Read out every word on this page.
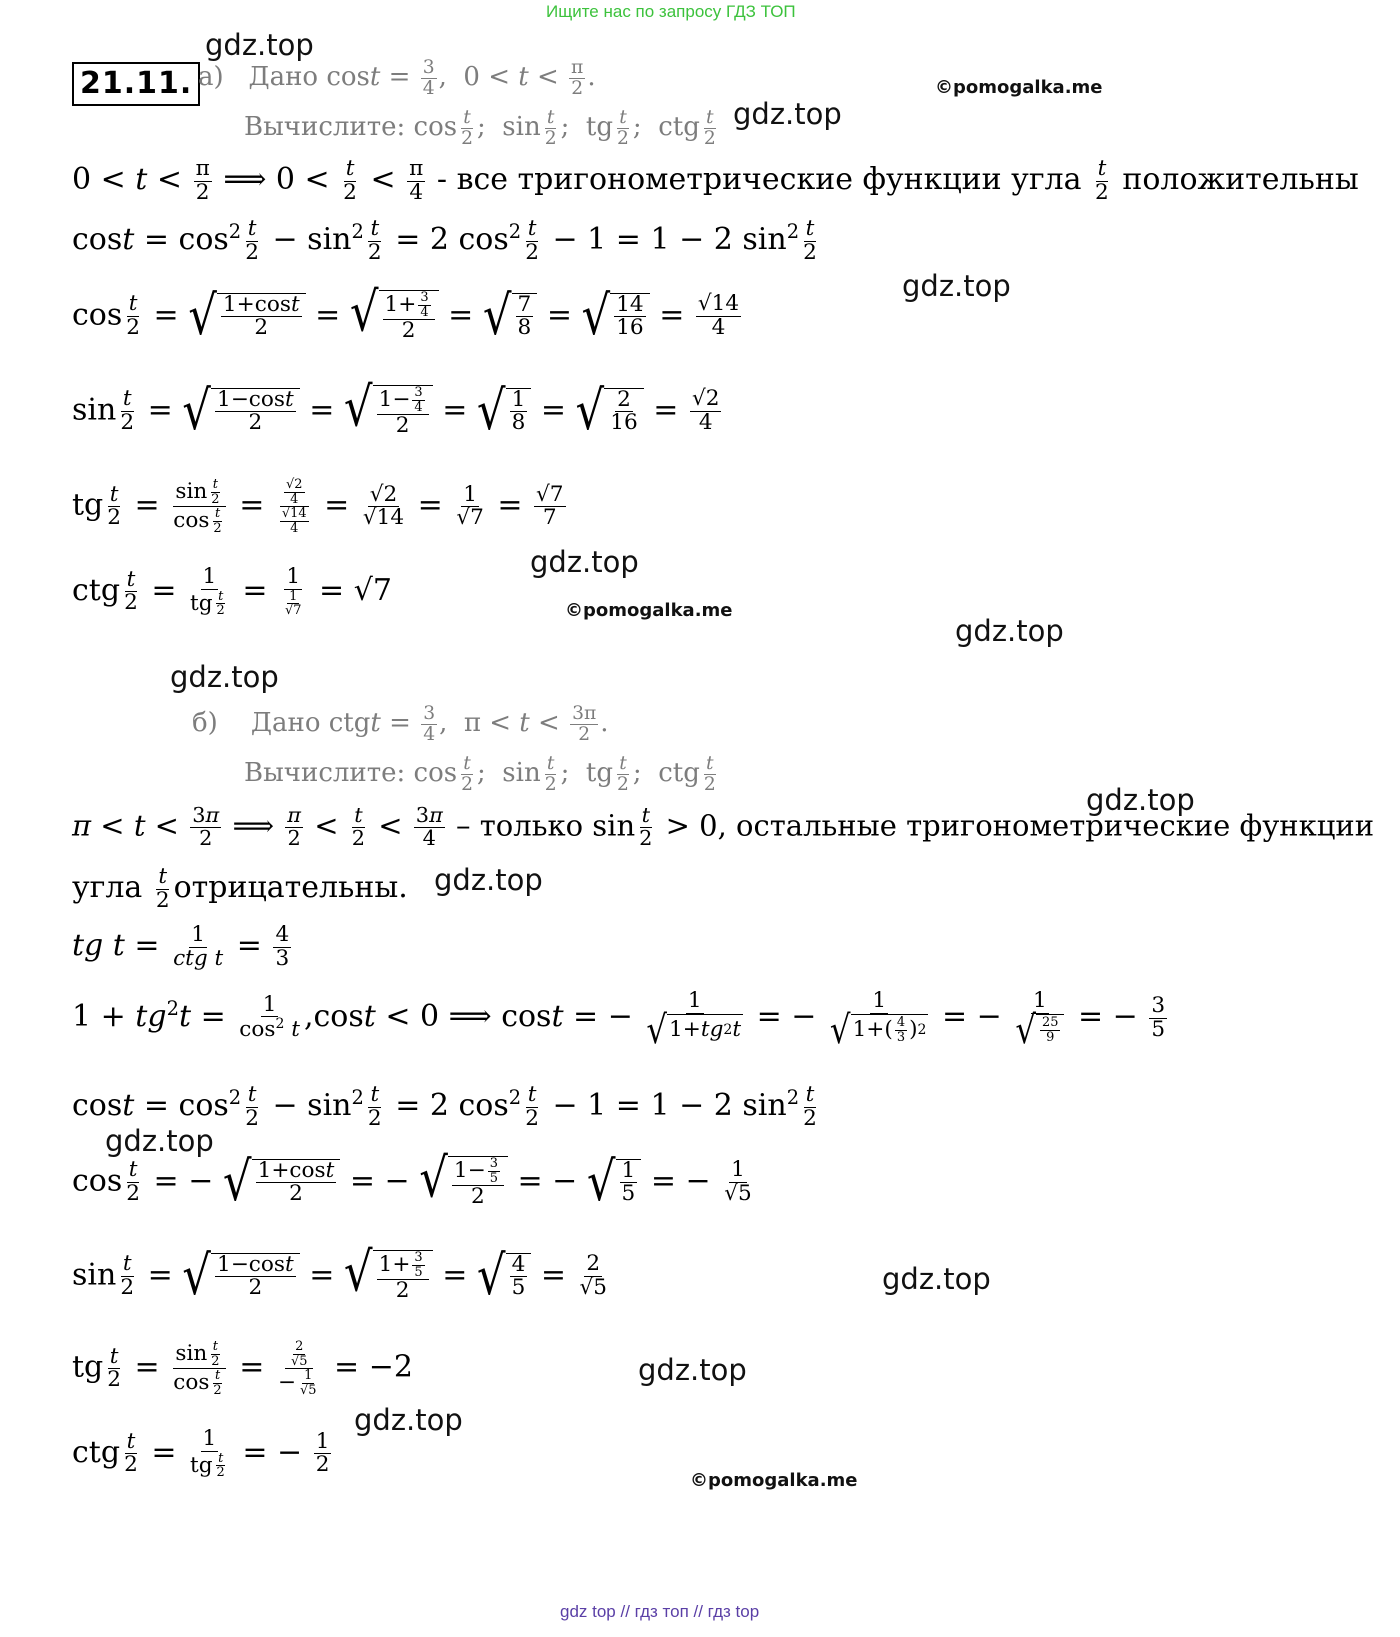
Ищите нас по запросу ГДЗ ТОП
21.11.
gdz.top
gdz.top
gdz.top
gdz.top
gdz.top
gdz.top
gdz.top
gdz.top
gdz.top
gdz.top
gdz.top
gdz.top
©pomogalka.me
©pomogalka.me
©pomogalka.me
а) Дано $\cos t = \frac{3}{4}$ ,  $0 < t < \frac{\pi}{2}$ .
Вычислите: $\cos \frac{t}{2}$ ;  $\sin \frac{t}{2}$ ;  tg $\frac{t}{2}$ ;  ctg $\frac{t}{2}$
$0 < t < \frac{\pi}{2}$ ⟹ $0 < \frac{t}{2} < \frac{\pi}{4}$ - все тригонометрические функции угла $\frac{t}{2}$ положительны
$\cos t = \cos^2 \frac{t}{2} - \sin^2 \frac{t}{2} = 2$ $\cos^2 \frac{t}{2} - 1 = 1 - 2$ $\sin^2 \frac{t}{2}$
$\cos \frac{t}{2}$ = √ 1+cost
2 = √ $1+ \frac{3}{4}$
2 = √ 7
8 = √ 14
$16 = \frac{√14}{4}$
$\sin \frac{t}{2}$ = √ 1−cost
2 = √ $1- \frac{3}{4}$
2 = √ 1
8 = √ 2
$16 = \frac{√2}{4}$
tg $\frac{t}{2} = \frac{\sin \frac{t}{2}}{\cos \frac{t}{2}} = \frac{\frac{√2}{4}}{\frac{√14}{4}} = \frac{√2}{√14} = \frac{1}{√7} = \frac{√7}{7}$
ctg $\frac{t}{2} = 1$
tg $\frac{t}{2} = \frac{1}{\frac{1}{√7}} = √7$
б) Дано ctgt = $\frac{3}{4}$ ,  $\pi < t < \frac{3\pi}{2}$ .
Вычислите: $\cos \frac{t}{2}$ ;  $\sin \frac{t}{2}$ ;  tg $\frac{t}{2}$ ;  ctg $\frac{t}{2}$
$\pi < t < \frac{3\pi}{2}$ ⟹ $\frac{\pi}{2} < \frac{t}{2} < \frac{3\pi}{4}$ – только $\sin \frac{t}{2} > 0$, остальные тригонометрические функции
угла $\frac{t}{2}$ отрицательны.
tg t = 1
ctg $t = \frac{4}{3}$
$1 + tg^2t = \frac{1}{\cos^2 t} ,\cos t < 0$ ⟹ cost = − $\frac{1}{√ 1+ tg 2 t}$ = − 1
√ 1+( 4
3 ) 2 = − 1
√ 25
9 = − $\frac{3}{5}$
$\cos t = \cos^2 \frac{t}{2} - \sin^2 \frac{t}{2} = 2$ $\cos^2 \frac{t}{2} - 1 = 1 - 2$ $\sin^2 \frac{t}{2}$
$\cos \frac{t}{2}$ = − √ 1+cost
2 = − √ $1- \frac{3}{5}$
2 = − √ 1
5 = − $\frac{1}{√5}$
$\sin \frac{t}{2}$ = √ 1−cost
2 = √ $1+ \frac{3}{5}$
2 = √ 4
$5 = \frac{2}{√5}$
tg $\frac{t}{2} = \frac{\sin \frac{t}{2}}{\cos \frac{t}{2}} = \frac{\frac{2}{√5}}{- \frac{1}{√5}} = -2$
ctg $\frac{t}{2} = 1$
tg $\frac{t}{2}$ = − $\frac{1}{2}$
gdz top // гдз топ // гдз top
